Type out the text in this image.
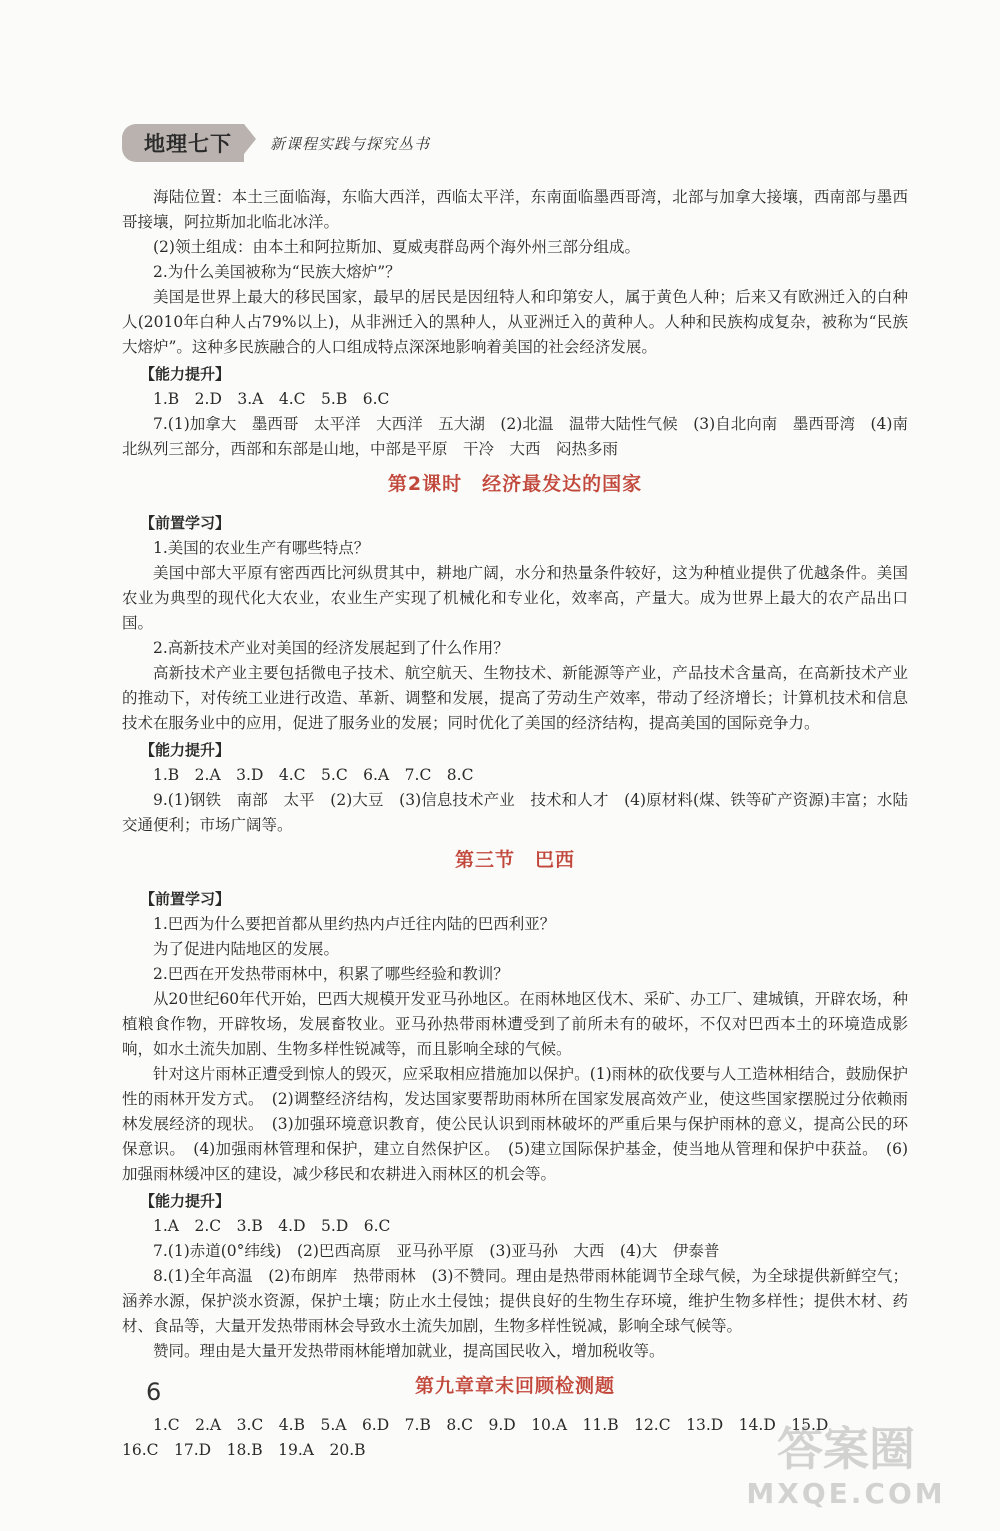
地理七下	新课程实践与探究丛书

海陆位置：本土三面临海，东临大西洋，西临太平洋，东南面临墨西哥湾，北部与加拿大接壤，西南部与墨西哥接壤，阿拉斯加北临北冰洋。

(2)领土组成：由本土和阿拉斯加、夏威夷群岛两个海外州三部分组成。

2.为什么美国被称为“民族大熔炉”？

美国是世界上最大的移民国家，最早的居民是因纽特人和印第安人，属于黄色人种；后来又有欧洲迁入的白种人(2010年白种人占79%以上)，从非洲迁入的黑种人，从亚洲迁入的黄种人。人种和民族构成复杂，被称为“民族大熔炉”。这种多民族融合的人口组成特点深深地影响着美国的社会经济发展。

【能力提升】

1.B　2.D　3.A　4.C　5.B　6.C

7.(1)加拿大　墨西哥　太平洋　大西洋　五大湖　(2)北温　温带大陆性气候　(3)自北向南　墨西哥湾　(4)南北纵列三部分，西部和东部是山地，中部是平原　干冷　大西　闷热多雨

第2课时　经济最发达的国家

【前置学习】

1.美国的农业生产有哪些特点？

美国中部大平原有密西西比河纵贯其中，耕地广阔，水分和热量条件较好，这为种植业提供了优越条件。美国农业为典型的现代化大农业，农业生产实现了机械化和专业化，效率高，产量大。成为世界上最大的农产品出口国。

2.高新技术产业对美国的经济发展起到了什么作用？

高新技术产业主要包括微电子技术、航空航天、生物技术、新能源等产业，产品技术含量高，在高新技术产业的推动下，对传统工业进行改造、革新、调整和发展，提高了劳动生产效率，带动了经济增长；计算机技术和信息技术在服务业中的应用，促进了服务业的发展；同时优化了美国的经济结构，提高美国的国际竞争力。

【能力提升】

1.B　2.A　3.D　4.C　5.C　6.A　7.C　8.C

9.(1)钢铁　南部　太平　(2)大豆　(3)信息技术产业　技术和人才　(4)原材料(煤、铁等矿产资源)丰富；水陆交通便利；市场广阔等。

第三节　巴西

【前置学习】

1.巴西为什么要把首都从里约热内卢迁往内陆的巴西利亚？

为了促进内陆地区的发展。

2.巴西在开发热带雨林中，积累了哪些经验和教训？

从20世纪60年代开始，巴西大规模开发亚马孙地区。在雨林地区伐木、采矿、办工厂、建城镇，开辟农场，种植粮食作物，开辟牧场，发展畜牧业。亚马孙热带雨林遭受到了前所未有的破坏，不仅对巴西本土的环境造成影响，如水土流失加剧、生物多样性锐减等，而且影响全球的气候。

针对这片雨林正遭受到惊人的毁灭，应采取相应措施加以保护。(1)雨林的砍伐要与人工造林相结合，鼓励保护性的雨林开发方式。　(2)调整经济结构，发达国家要帮助雨林所在国家发展高效产业，使这些国家摆脱过分依赖雨林发展经济的现状。　(3)加强环境意识教育，使公民认识到雨林破坏的严重后果与保护雨林的意义，提高公民的环保意识。　(4)加强雨林管理和保护，建立自然保护区。　(5)建立国际保护基金，使当地从管理和保护中获益。　(6)加强雨林缓冲区的建设，减少移民和农耕进入雨林区的机会等。

【能力提升】

1.A　2.C　3.B　4.D　5.D　6.C

7.(1)赤道(0°纬线)　(2)巴西高原　亚马孙平原　(3)亚马孙　大西　(4)大　伊泰普

8.(1)全年高温　(2)布朗库　热带雨林　(3)不赞同。理由是热带雨林能调节全球气候，为全球提供新鲜空气；涵养水源，保护淡水资源，保护土壤；防止水土侵蚀；提供良好的生物生存环境，维护生物多样性；提供木材、药材、食品等，大量开发热带雨林会导致水土流失加剧，生物多样性锐减，影响全球气候等。

赞同。理由是大量开发热带雨林能增加就业，提高国民收入，增加税收等。

第九章章末回顾检测题

1.C　2.A　3.C　4.B　5.A　6.D　7.B　8.C　9.D　10.A　11.B　12.C　13.D　14.D　15.D

16.C　17.D　18.B　19.A　20.B

6
答案圈
MXQE.COM
